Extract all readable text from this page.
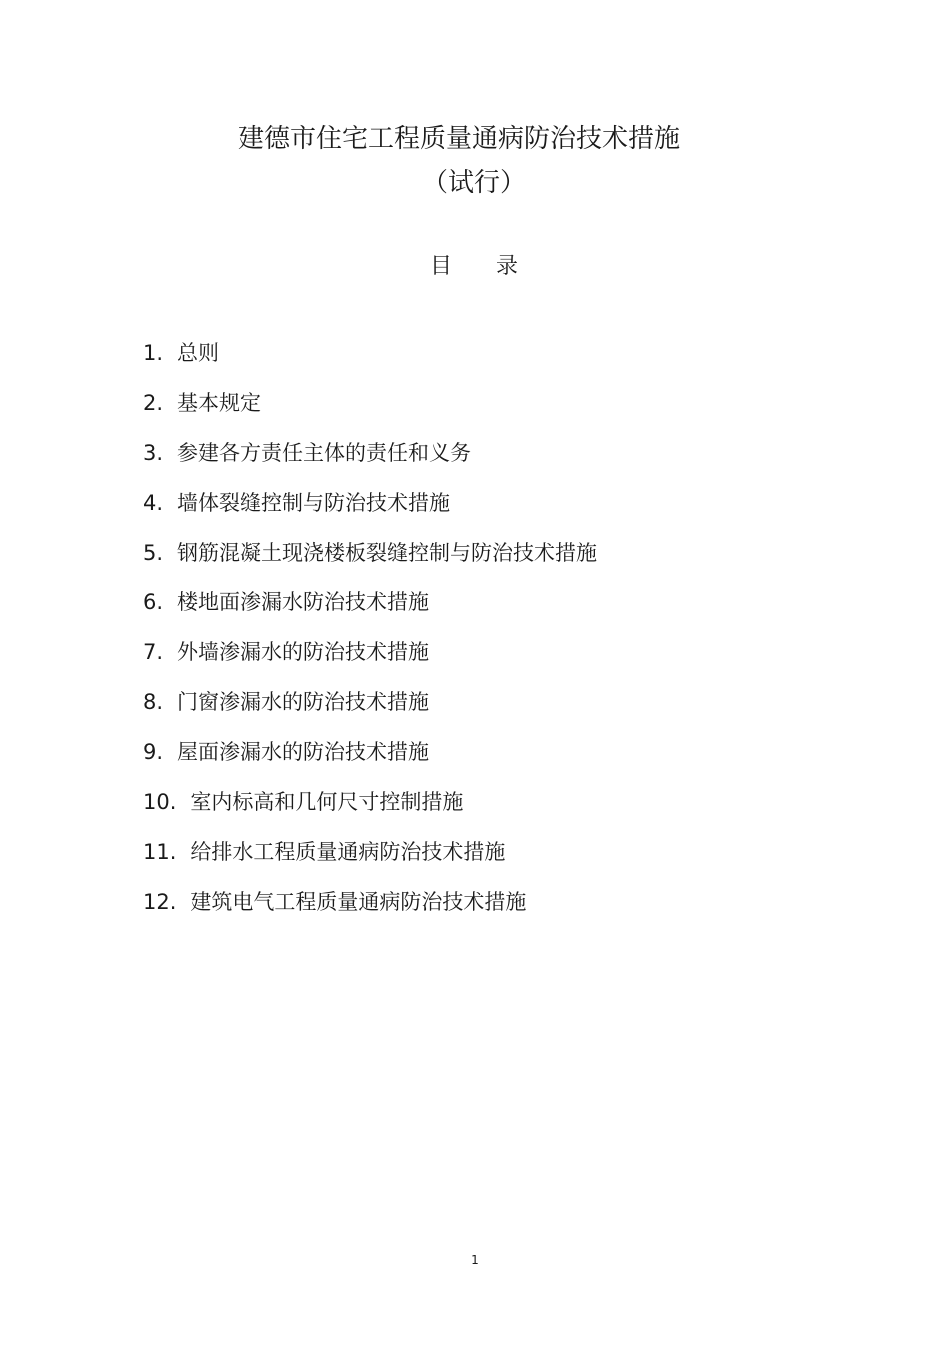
建德市住宅工程质量通病防治技术措施
（试行）
目　　录
1. 总则
2. 基本规定
3. 参建各方责任主体的责任和义务
4. 墙体裂缝控制与防治技术措施
5. 钢筋混凝土现浇楼板裂缝控制与防治技术措施
6. 楼地面渗漏水防治技术措施
7. 外墙渗漏水的防治技术措施
8. 门窗渗漏水的防治技术措施
9. 屋面渗漏水的防治技术措施
10. 室内标高和几何尺寸控制措施
11. 给排水工程质量通病防治技术措施
12. 建筑电气工程质量通病防治技术措施
1
